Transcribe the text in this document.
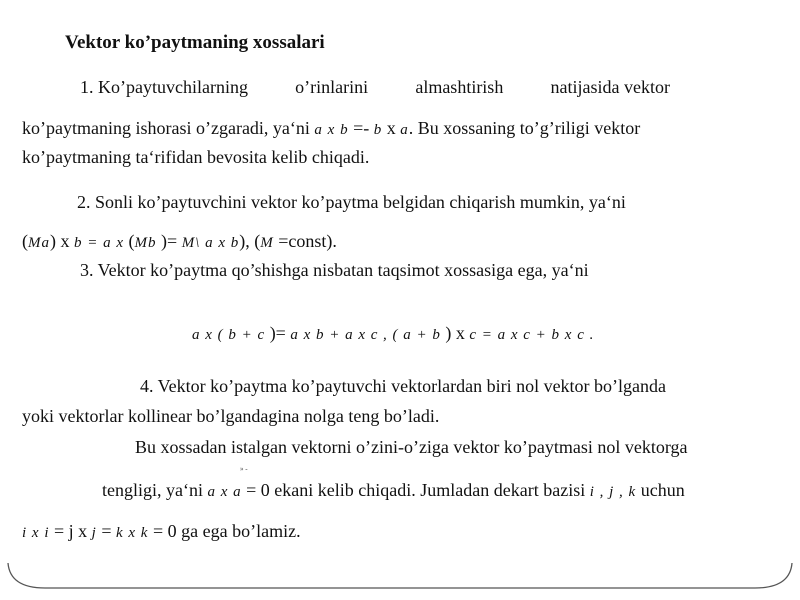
Vektor ko’paytmaning xossalari
1. Ko’paytuvchilarning	o’rinlarini	almashtirish	natijasida vektor
ko’paytmaning ishorasi o’zgaradi, ya‘ni a x b =- b x a. Bu xossaning to’g’riligi vektor
ko’paytmaning ta‘rifidan bevosita kelib chiqadi.
2. Sonli ko’paytuvchini vektor ko’paytma belgidan chiqarish mumkin, ya‘ni
(Ma) x b = a x (Mb )= M\ a x b), (M =const).
3. Vektor ko’paytma qo’shishga nisbatan taqsimot xossasiga ega, ya‘ni
a x ( b + c )= a x b + a x c , ( a + b ) x c = a x c + b x c .
4. Vektor ko’paytma ko’paytuvchi vektorlardan biri nol vektor bo’lganda
yoki vektorlar kollinear bo’lgandagina nolga teng bo’ladi.
Bu xossadan istalgan vektorni o’zini-o’ziga vektor ko’paytmasi nol vektorga
» -
tengligi, ya‘ni a x a = 0 ekani kelib chiqadi. Jumladan dekart bazisi i , j , k uchun
i x i = j x j = k x k = 0 ga ega bo’lamiz.
